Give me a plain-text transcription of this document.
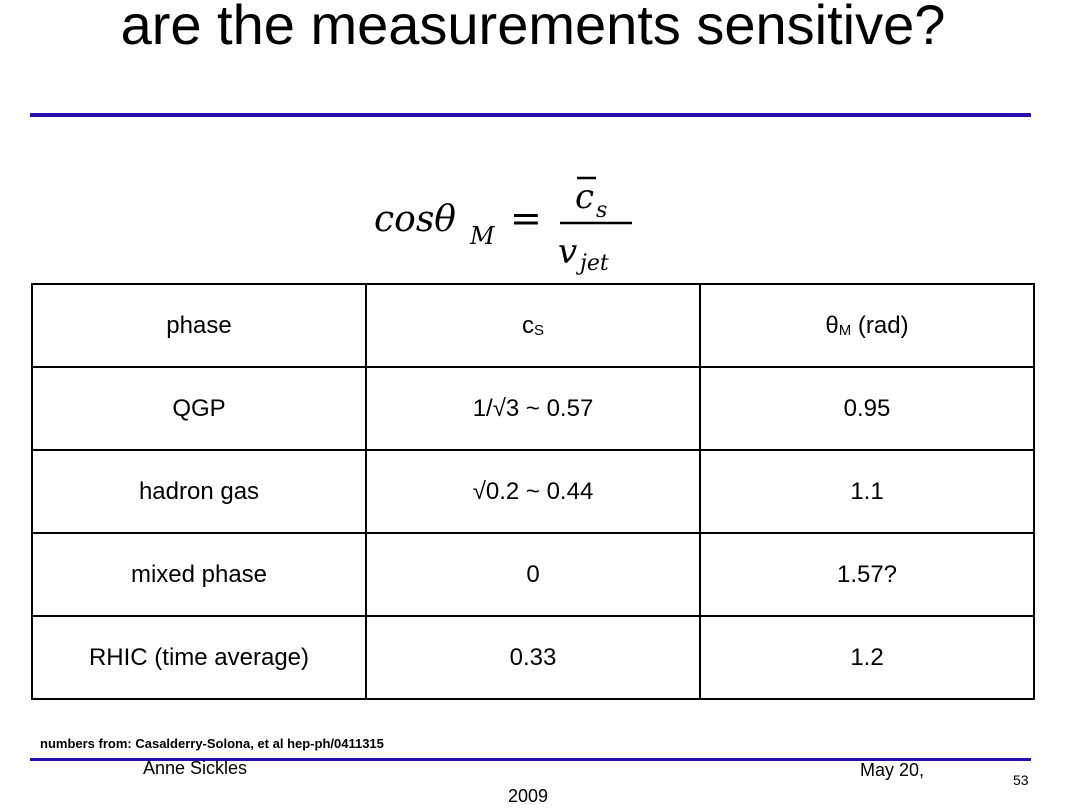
are the measurements sensitive?
cosθ M = c s
v jet
phase	cS	θM (rad)
QGP	1/√3 ~ 0.57	0.95
hadron gas	√0.2 ~ 0.44	1.1
mixed phase	0	1.57?
RHIC (time average)	0.33	1.2
numbers from: Casalderry-Solona, et al hep-ph/0411315
Anne Sickles	May 20,
2009
53
